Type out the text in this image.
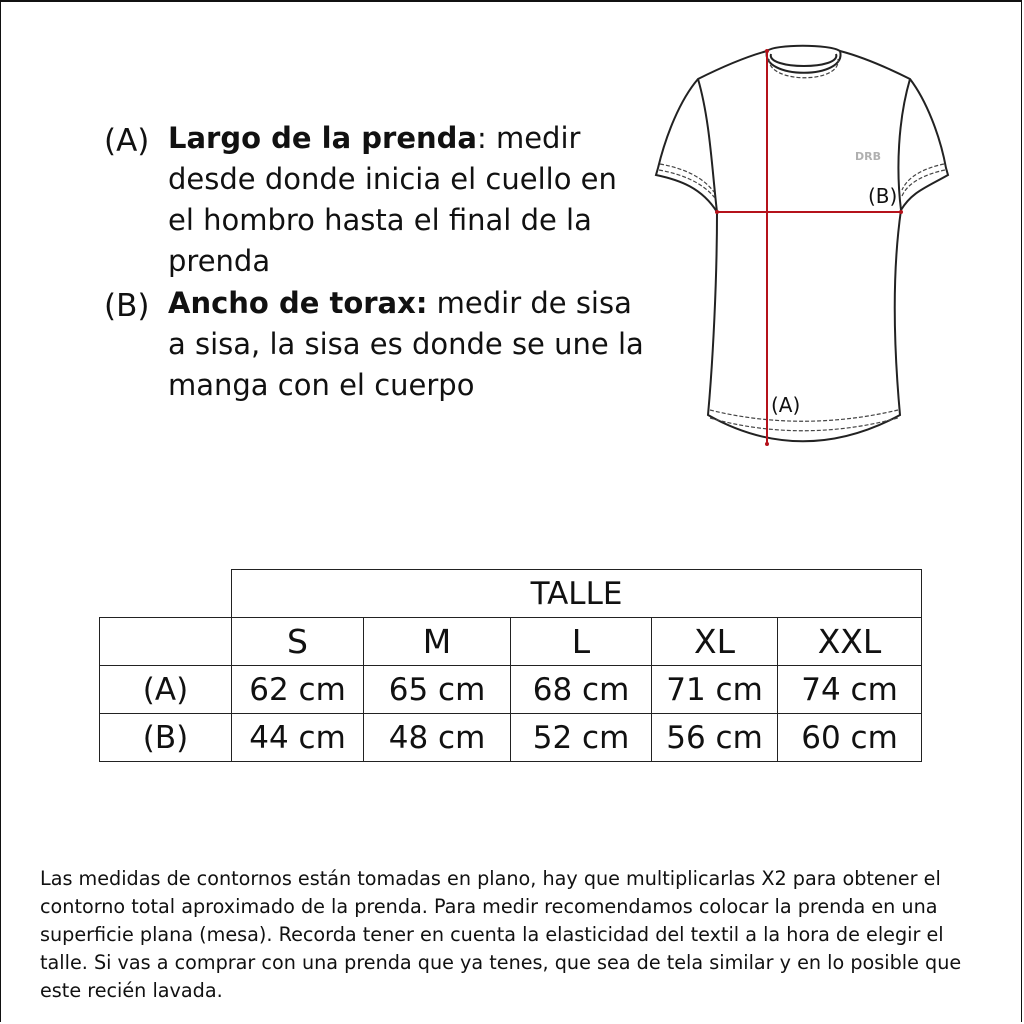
(A) Largo de la prenda: medir desde donde inicia el cuello en el hombro hasta el final de la prenda
(B) Ancho de torax: medir de sisa a sisa, la sisa es donde se une la manga con el cuerpo
DRB
(B)
(A)
	TALLE				
	S	M	L	XL	XXL
(A)	62 cm	65 cm	68 cm	71 cm	74 cm
(B)	44 cm	48 cm	52 cm	56 cm	60 cm

Las medidas de contornos están tomadas en plano, hay que multiplicarlas X2 para obtener el contorno total aproximado de la prenda. Para medir recomendamos colocar la prenda en una superficie plana (mesa). Recorda tener en cuenta la elasticidad del textil a la hora de elegir el talle. Si vas a comprar con una prenda que ya tenes, que sea de tela similar y en lo posible que este recién lavada.
